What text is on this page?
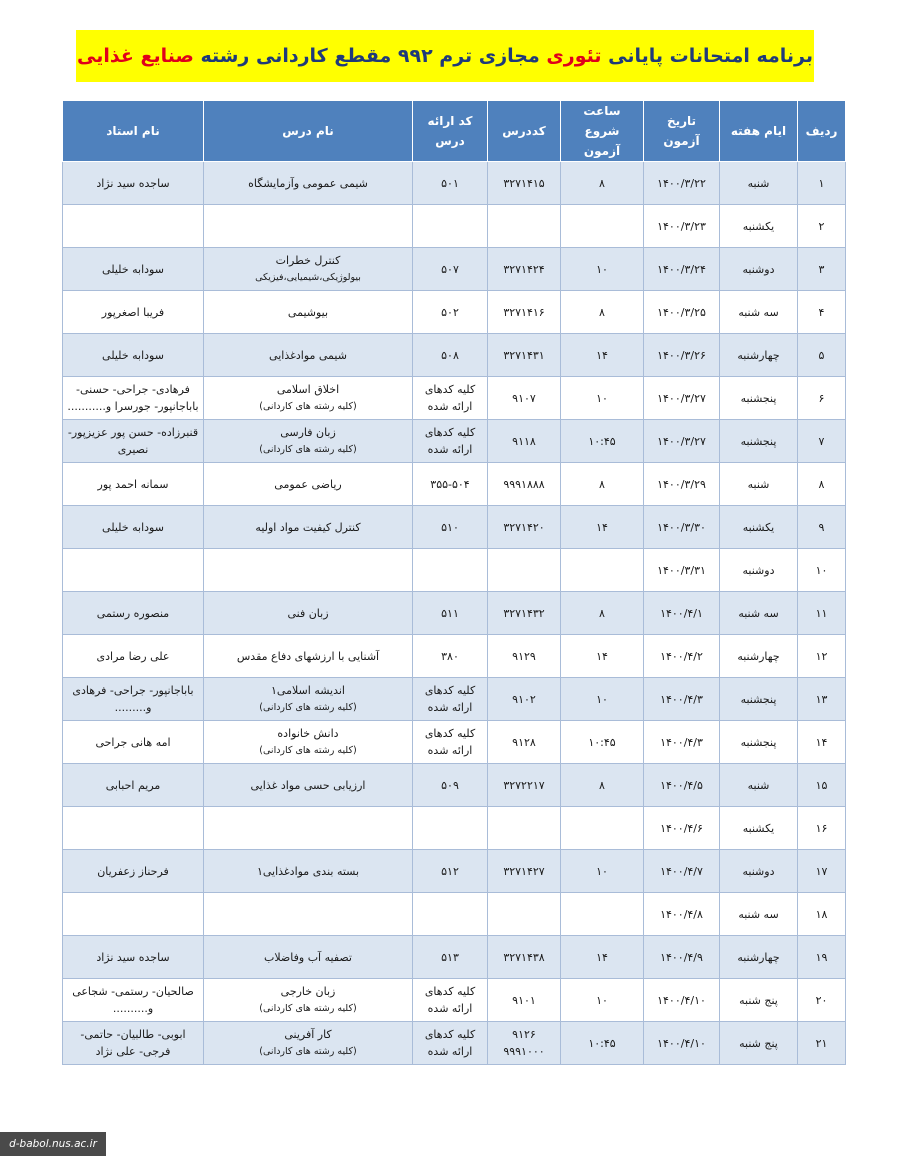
برنامه امتحانات پایانی تئوری مجازی ترم ۹۹۲ مقطع کاردانی رشته صنایع غذایی
ردیف	ایام هفته	تاریخ آزمون	ساعت شروع آزمون	کددرس	کد ارائه درس	نام درس	نام استاد
۱	شنبه	۱۴۰۰/۳/۲۲	۸	۳۲۷۱۴۱۵	۵۰۱	شیمی عمومی وآزمایشگاه	ساجده سید نژاد
۲	یکشنبه	۱۴۰۰/۳/۲۳					
۳	دوشنبه	۱۴۰۰/۳/۲۴	۱۰	۳۲۷۱۴۲۴	۵۰۷	کنترل خطرات
بیولوژیکی،شیمیایی،فیزیکی	سودابه خلیلی
۴	سه شنبه	۱۴۰۰/۳/۲۵	۸	۳۲۷۱۴۱۶	۵۰۲	بیوشیمی	فریبا اصغرپور
۵	چهارشنبه	۱۴۰۰/۳/۲۶	۱۴	۳۲۷۱۴۳۱	۵۰۸	شیمی موادغذایی	سودابه خلیلی
۶	پنجشنبه	۱۴۰۰/۳/۲۷	۱۰	۹۱۰۷	کلیه کدهای ارائه شده	اخلاق اسلامی
(کلیه رشته های کاردانی)	فرهادی- جراحی- حسنی- باباجانپور- جورسرا و...........
۷	پنجشنبه	۱۴۰۰/۳/۲۷	۱۰:۴۵	۹۱۱۸	کلیه کدهای ارائه شده	زبان فارسی
(کلیه رشته های کاردانی)	قنبرزاده- حسن پور عزیزپور- نصیری
۸	شنبه	۱۴۰۰/۳/۲۹	۸	۹۹۹۱۸۸۸	۳۵۵-۵۰۴	ریاضی عمومی	سمانه احمد پور
۹	یکشنبه	۱۴۰۰/۳/۳۰	۱۴	۳۲۷۱۴۲۰	۵۱۰	کنترل کیفیت مواد اولیه	سودابه خلیلی
۱۰	دوشنبه	۱۴۰۰/۳/۳۱					
۱۱	سه شنبه	۱۴۰۰/۴/۱	۸	۳۲۷۱۴۳۲	۵۱۱	زبان فنی	منصوره رستمی
۱۲	چهارشنبه	۱۴۰۰/۴/۲	۱۴	۹۱۲۹	۳۸۰	آشنایی با ارزشهای دفاع مقدس	علی رضا مرادی
۱۳	پنجشنبه	۱۴۰۰/۴/۳	۱۰	۹۱۰۲	کلیه کدهای ارائه شده	اندیشه اسلامی۱
(کلیه رشته های کاردانی)	باباجانپور- جراحی- فرهادی و.........
۱۴	پنجشنبه	۱۴۰۰/۴/۳	۱۰:۴۵	۹۱۲۸	کلیه کدهای ارائه شده	دانش خانواده
(کلیه رشته های کاردانی)	امه هانی جراحی
۱۵	شنبه	۱۴۰۰/۴/۵	۸	۳۲۷۲۲۱۷	۵۰۹	ارزیابی حسی مواد غذایی	مریم احبابی
۱۶	یکشنبه	۱۴۰۰/۴/۶					
۱۷	دوشنبه	۱۴۰۰/۴/۷	۱۰	۳۲۷۱۴۲۷	۵۱۲	بسته بندی موادغذایی۱	فرحناز زعفریان
۱۸	سه شنبه	۱۴۰۰/۴/۸					
۱۹	چهارشنبه	۱۴۰۰/۴/۹	۱۴	۳۲۷۱۴۳۸	۵۱۳	تصفیه آب وفاضلاب	ساجده سید نژاد
۲۰	پنج شنبه	۱۴۰۰/۴/۱۰	۱۰	۹۱۰۱	کلیه کدهای ارائه شده	زبان خارجی
(کلیه رشته های کاردانی)	صالحیان- رستمی- شجاعی و..........
۲۱	پنج شنبه	۱۴۰۰/۴/۱۰	۱۰:۴۵	۹۱۲۶ ۹۹۹۱۰۰۰	کلیه کدهای ارائه شده	کار آفرینی
(کلیه رشته های کاردانی)	ابوبی- طالبیان- حاتمی- فرجی- علی نژاد
d-babol.nus.ac.ir
